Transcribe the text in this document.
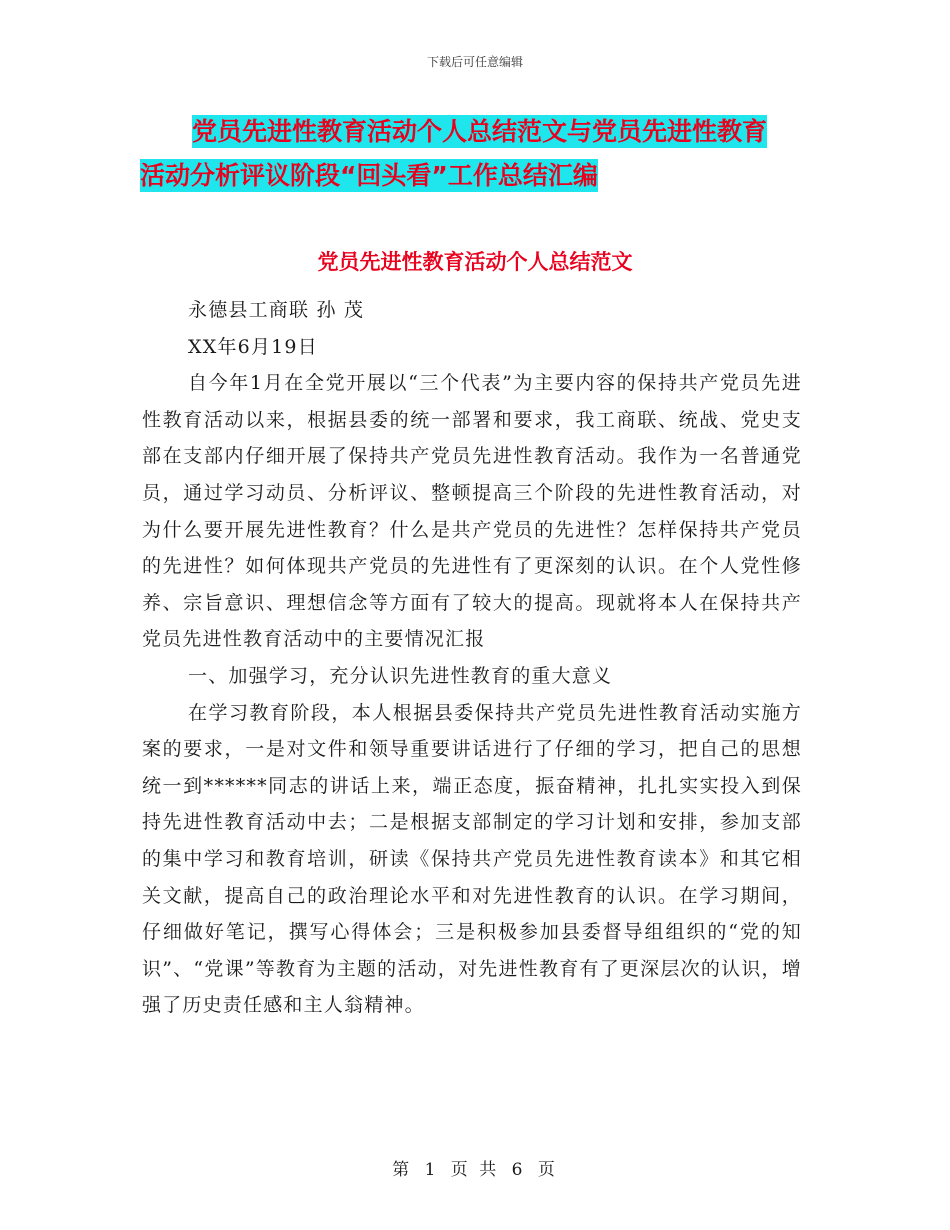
下载后可任意编辑
党员先进性教育活动个人总结范文与党员先进性教育
活动分析评议阶段“回头看”工作总结汇编
党员先进性教育活动个人总结范文

永德县工商联 孙 茂

XX年6月19日

自今年1月在全党开展以“三个代表”为主要内容的保持共产党员先进性教育活动以来，根据县委的统一部署和要求，我工商联、统战、党史支部在支部内仔细开展了保持共产党员先进性教育活动。我作为一名普通党员，通过学习动员、分析评议、整顿提高三个阶段的先进性教育活动，对为什么要开展先进性教育？什么是共产党员的先进性？怎样保持共产党员的先进性？如何体现共产党员的先进性有了更深刻的认识。在个人党性修养、宗旨意识、理想信念等方面有了较大的提高。现就将本人在保持共产党员先进性教育活动中的主要情况汇报

一、加强学习，充分认识先进性教育的重大意义

在学习教育阶段，本人根据县委保持共产党员先进性教育活动实施方案的要求，一是对文件和领导重要讲话进行了仔细的学习，把自己的思想统一到******同志的讲话上来，端正态度，振奋精神，扎扎实实投入到保持先进性教育活动中去；二是根据支部制定的学习计划和安排，参加支部的集中学习和教育培训，研读《保持共产党员先进性教育读本》和其它相关文献，提高自己的政治理论水平和对先进性教育的认识。在学习期间，仔细做好笔记，撰写心得体会；三是积极参加县委督导组组织的“党的知识”、“党课”等教育为主题的活动，对先进性教育有了更深层次的认识，增强了历史责任感和主人翁精神。

第 1 页 共 6 页
